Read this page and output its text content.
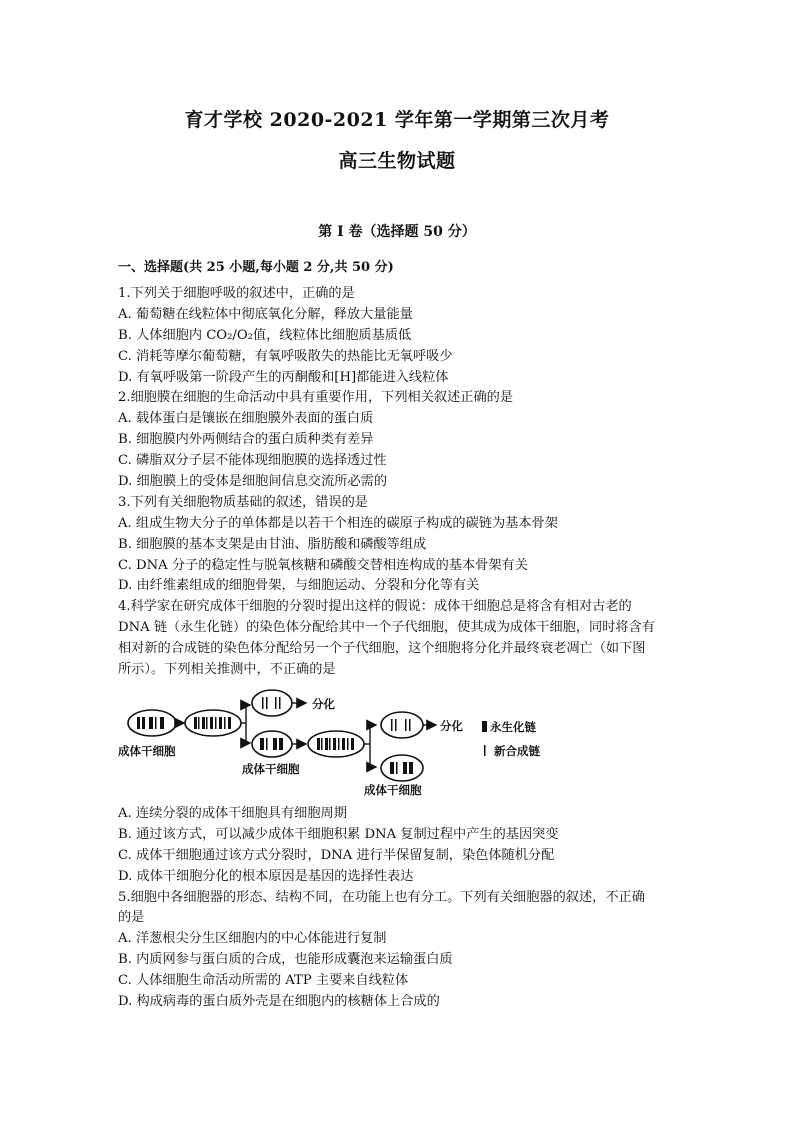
育才学校 2020-2021 学年第一学期第三次月考
高三生物试题
第 I 卷（选择题 50 分）
一、选择题(共 25 小题,每小题 2 分,共 50 分)
1.下列关于细胞呼吸的叙述中，正确的是
A. 葡萄糖在线粒体中彻底氧化分解，释放大量能量
B. 人体细胞内 CO₂/O₂值，线粒体比细胞质基质低
C. 消耗等摩尔葡萄糖，有氧呼吸散失的热能比无氧呼吸少
D. 有氧呼吸第一阶段产生的丙酮酸和[H]都能进入线粒体
2.细胞膜在细胞的生命活动中具有重要作用，下列相关叙述正确的是
A. 载体蛋白是镶嵌在细胞膜外表面的蛋白质
B. 细胞膜内外两侧结合的蛋白质种类有差异
C. 磷脂双分子层不能体现细胞膜的选择透过性
D. 细胞膜上的受体是细胞间信息交流所必需的
3.下列有关细胞物质基础的叙述，错误的是
A. 组成生物大分子的单体都是以若干个相连的碳原子构成的碳链为基本骨架
B. 细胞膜的基本支架是由甘油、脂肪酸和磷酸等组成
C. DNA 分子的稳定性与脱氧核糖和磷酸交替相连构成的基本骨架有关
D. 由纤维素组成的细胞骨架，与细胞运动、分裂和分化等有关
4.科学家在研究成体干细胞的分裂时提出这样的假说：成体干细胞总是将含有相对古老的
DNA 链（永生化链）的染色体分配给其中一个子代细胞，使其成为成体干细胞，同时将含有
相对新的合成链的染色体分配给另一个子代细胞，这个细胞将分化并最终衰老凋亡（如下图
所示）。下列相关推测中，不正确的是
分化
分化 永生化链
新合成链
成体干细胞
成体干细胞
成体干细胞
A. 连续分裂的成体干细胞具有细胞周期
B. 通过该方式，可以减少成体干细胞积累 DNA 复制过程中产生的基因突变
C. 成体干细胞通过该方式分裂时，DNA 进行半保留复制，染色体随机分配
D. 成体干细胞分化的根本原因是基因的选择性表达
5.细胞中各细胞器的形态、结构不同，在功能上也有分工。下列有关细胞器的叙述，不正确
的是
A. 洋葱根尖分生区细胞内的中心体能进行复制
B. 内质网参与蛋白质的合成，也能形成囊泡来运输蛋白质
C. 人体细胞生命活动所需的 ATP 主要来自线粒体
D. 构成病毒的蛋白质外壳是在细胞内的核糖体上合成的
